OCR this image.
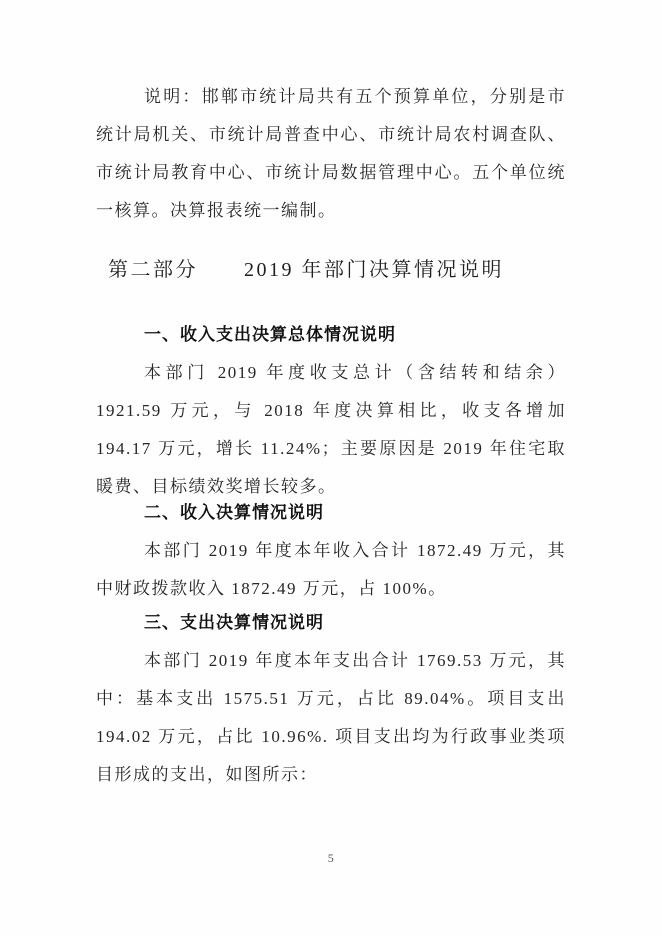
说明：邯郸市统计局共有五个预算单位，分别是市统计局机关、市统计局普查中心、市统计局农村调查队、市统计局教育中心、市统计局数据管理中心。五个单位统一核算。决算报表统一编制。

第二部分 2019 年部门决算情况说明
一、收入支出决算总体情况说明

本部门 2019 年度收支总计（含结转和结余）1921.59 万元，与 2018 年度决算相比，收支各增加 194.17 万元，增长 11.24%；主要原因是 2019 年住宅取暖费、目标绩效奖增长较多。

二、收入决算情况说明

本部门 2019 年度本年收入合计 1872.49 万元，其中财政拨款收入 1872.49 万元，占 100%。

三、支出决算情况说明

本部门 2019 年度本年支出合计 1769.53 万元，其中：基本支出 1575.51 万元，占比 89.04%。项目支出 194.02 万元，占比 10.96%. 项目支出均为行政事业类项目形成的支出，如图所示：

5
